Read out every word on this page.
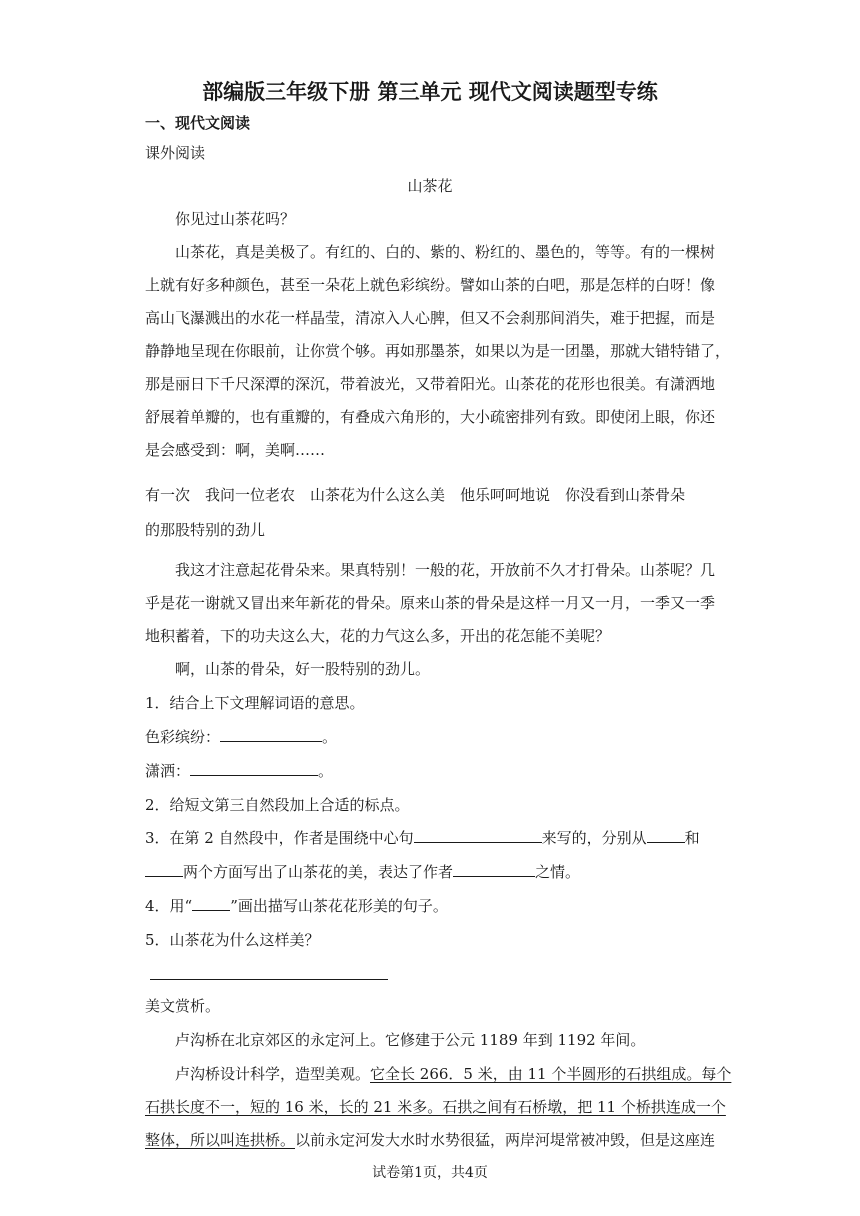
部编版三年级下册 第三单元 现代文阅读题型专练
一、现代文阅读
课外阅读
山茶花
你见过山茶花吗？
山茶花，真是美极了。有红的、白的、紫的、粉红的、墨色的，等等。有的一棵树
上就有好多种颜色，甚至一朵花上就色彩缤纷。譬如山茶的白吧，那是怎样的白呀！像
高山飞瀑溅出的水花一样晶莹，清凉入人心脾，但又不会刹那间消失，难于把握，而是
静静地呈现在你眼前，让你赏个够。再如那墨茶，如果以为是一团墨，那就大错特错了，
那是丽日下千尺深潭的深沉，带着波光，又带着阳光。山茶花的花形也很美。有潇洒地
舒展着单瓣的，也有重瓣的，有叠成六角形的，大小疏密排列有致。即使闭上眼，你还
是会感受到：啊，美啊……
有一次　我问一位老农　山茶花为什么这么美　他乐呵呵地说　你没看到山茶骨朵
的那股特别的劲儿
我这才注意起花骨朵来。果真特别！一般的花，开放前不久才打骨朵。山茶呢？几
乎是花一谢就又冒出来年新花的骨朵。原来山茶的骨朵是这样一月又一月，一季又一季
地积蓄着，下的功夫这么大，花的力气这么多，开出的花怎能不美呢？
啊，山茶的骨朵，好一股特别的劲儿。
1．结合上下文理解词语的意思。
色彩缤纷：	。
潇洒：	。
2．给短文第三自然段加上合适的标点。
3．在第 2 自然段中，作者是围绕中心句	来写的，分别从	和
两个方面写出了山茶花的美，表达了作者	之情。
4．用“	”画出描写山茶花花形美的句子。
5．山茶花为什么这样美？
美文赏析。
卢沟桥在北京郊区的永定河上。它修建于公元 1189 年到 1192 年间。
卢沟桥设计科学，造型美观。它全长 266．5 米，由 11 个半圆形的石拱组成。每个
石拱长度不一，短的 16 米，长的 21 米多。石拱之间有石桥墩，把 11 个桥拱连成一个
整体，所以叫连拱桥。以前永定河发大水时水势很猛，两岸河堤常被冲毁，但是这座连
试卷第1页，共4页
